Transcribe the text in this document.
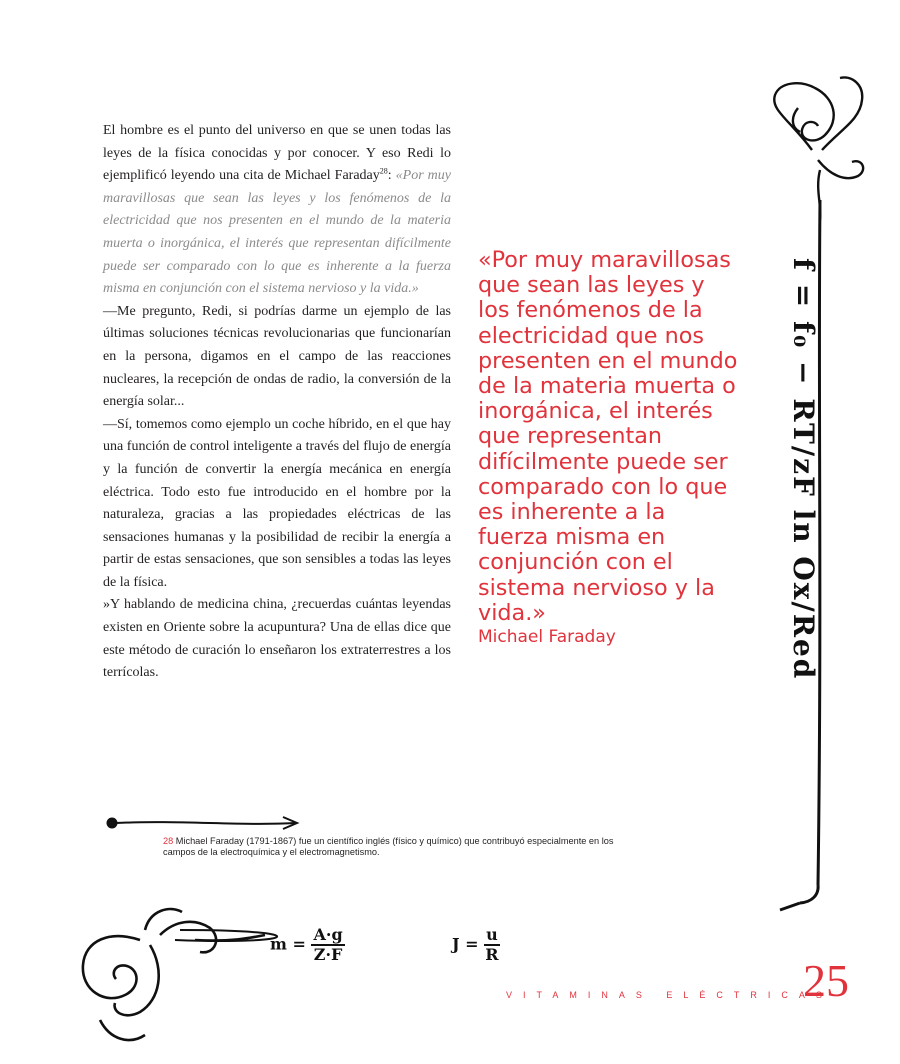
El hombre es el punto del universo en que se unen todas las leyes de la física conocidas y por conocer. Y eso Redi lo ejemplificó leyendo una cita de Michael Faraday$^{28}$: «Por muy maravillosas que sean las leyes y los fenómenos de la electricidad que nos presenten en el mundo de la materia muerta o inorgánica, el interés que representan difícilmente puede ser comparado con lo que es inherente a la fuerza misma en conjunción con el sistema nervioso y la vida.»

—Me pregunto, Redi, si podrías darme un ejemplo de las últimas soluciones técnicas revolucionarias que funcionarían en la persona, digamos en el campo de las reacciones nucleares, la recepción de ondas de radio, la conversión de la energía solar...

—Sí, tomemos como ejemplo un coche híbrido, en el que hay una función de control inteligente a través del flujo de energía y la función de convertir la energía mecánica en energía eléctrica. Todo esto fue introducido en el hombre por la naturaleza, gracias a las propiedades eléctricas de las sensaciones humanas y la posibilidad de recibir la energía a partir de estas sensaciones, que son sensibles a todas las leyes de la física.

»Y hablando de medicina china, ¿recuerdas cuántas leyendas existen en Oriente sobre la acupuntura? Una de ellas dice que este método de curación lo enseñaron los extraterrestres a los terrícolas.

«Por muy maravillosas que sean las leyes y los fenómenos de la electricidad que nos presenten en el mundo de la materia muerta o inorgánica, el interés que representan difícilmente puede ser comparado con lo que es inherente a la fuerza misma en conjunción con el sistema nervioso y la vida.»

Michael Faraday	f = f₀ − RT/zF ln Ox/Red
28 Michael Faraday (1791-1867) fue un científico inglés (físico y químico) que contribuyó especialmente en los campos de la electroquímica y el electromagnetismo.
$m = \frac{A\cdot g}{Z\cdot F}$	$J = \frac{u}{R}$
VITAMINAS ELÉCTRICAS
25
